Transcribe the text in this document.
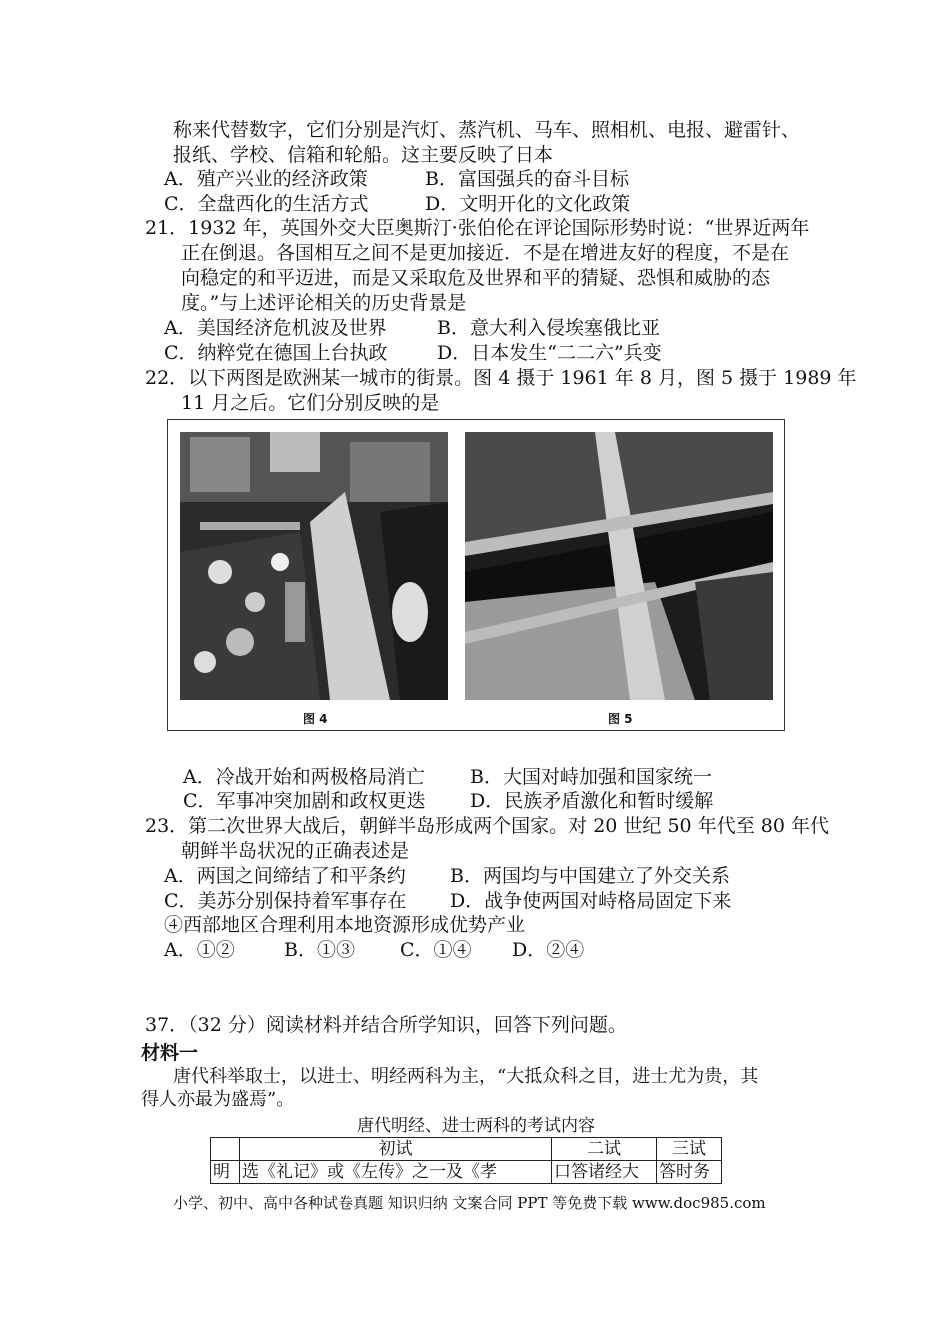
称来代替数字，它们分别是汽灯、蒸汽机、马车、照相机、电报、避雷针、
报纸、学校、信箱和轮船。这主要反映了日本
A．殖产兴业的经济政策	B．富国强兵的奋斗目标
C．全盘西化的生活方式	D．文明开化的文化政策
21．1932 年，英国外交大臣奥斯汀·张伯伦在评论国际形势时说：“世界近两年
正在倒退。各国相互之间不是更加接近．不是在增进友好的程度，不是在
向稳定的和平迈进，而是又采取危及世界和平的猜疑、恐惧和威胁的态
度。”与上述评论相关的历史背景是
A．美国经济危机波及世界	B．意大利入侵埃塞俄比亚
C．纳粹党在德国上台执政	D．日本发生“二二六”兵变
22．以下两图是欧洲某一城市的街景。图 4 摄于 1961 年 8 月，图 5 摄于 1989 年
11 月之后。它们分别反映的是
图 4	图 5
A．冷战开始和两极格局消亡 B．大国对峙加强和国家统一
C．军事冲突加剧和政权更迭 D．民族矛盾激化和暂时缓解
23．第二次世界大战后，朝鲜半岛形成两个国家。对 20 世纪 50 年代至 80 年代
朝鲜半岛状况的正确表述是
A．两国之间缔结了和平条约 B．两国均与中国建立了外交关系
C．美苏分别保持着军事存在 D．战争使两国对峙格局固定下来
④西部地区合理利用本地资源形成优势产业
A．①②	B．①③ C．①④ D．②④
37．（32 分）阅读材料并结合所学知识，回答下列问题。
材料一
唐代科举取士，以进士、明经两科为主，“大抵众科之目，进士尤为贵，其
得人亦最为盛焉”。
唐代明经、进士两科的考试内容
	初试	二试	三试
明	选《礼记》或《左传》之一及《孝	口答诸经大	答时务
小学、初中、高中各种试卷真题 知识归纳 文案合同 PPT 等免费下载 www.doc985.com
